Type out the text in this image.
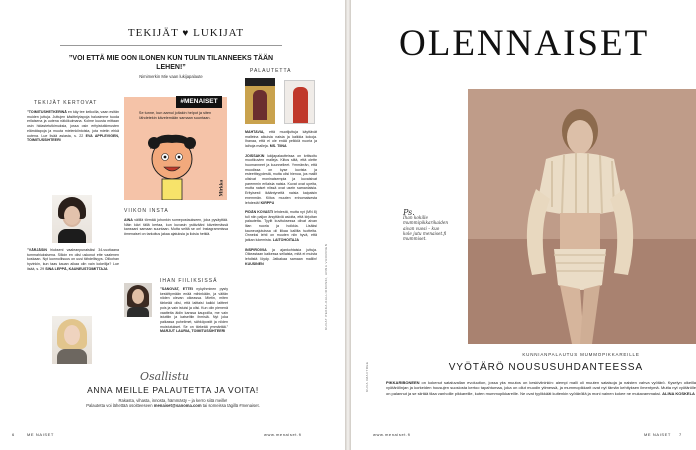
TEKIJÄT ♥ LUKIJAT
”VOI ETTÄ MIE OON ILONEN KUN TULIN TILANNEEKS TÄÄN LEHEN!”
Nimimerkin Mie vaan lukijapalaute
TEKIJÄT KERTOVAT
”TOIMITUSHETKERINÄ en käy tee keikoilla, vaan esitän muiden juttuja. Juttujen käsittelytapoja halusimme tuoda erilaisena ja uutena näkökulmana. Kolme kuusta mittaan osin hidastetutkimuksia, jossa osin erityistutkimusten elämätapoja ja muuta mielenkiintoista, jota mietin ehkä uutena. Lue lisää asiasta, s. 22 EVA APPLEVIGEN, TOIMITUSSIHTEERI
”VÄRJÄSIN hiukseni vaaleanpunaisiksi 34-vuotiaana tummahiuksisena. Silloin en olisi uskonut ette vaalenen koskaan. Nyt luonnollisuus on uusi tähdellisyys. Olikohan hyvinkin, kun taas kauan aikaa olin vain kokeilija? Lue lisää, s. 29 SINA LEPPÄ, KAUNEUSTOIMITTAJA
Mirkka
#MENAISET
Se tunne, kun aamul joltakin helpot ja siten lähdetekin kävelemään samaan suuntaan.
VIIKON INSTA
AINA välillä törmää johonkin somepostaukseen, joka pysäyttää. Näin kävi tällä kertaa, kun kuvasin ystävääni kävelemässä kanssani samaan suuntaan. Mutta selitä se on! Instagrammissa #menaiset on tarkoitus jakaa ajatuksia ja iloisia hetkiä.
IHAN FIILIKSISSÄ
”SANOVAT, ETTEI nykyihminen pysty keskittymään enää mihinkään, ja väitän niiden olevan oikeassa. Mietin, miten tärkeää olisi, että laittaisi kaikki laitteet pois ja vain istuisi ja olisi. Kun olin pienenä vaatteita äidin kanssa kaupoilla, me vain istuttiin ja katseltiin ihmisiä. Nyt joka paikassa puhelimet, sähköpostit ja niiden muistutukset. Se on tärkeää ymmärtää.” MARJUT LAURIA, TOIMITUSSIHTEERI
PALAUTETTA
MAHTAVIA, että muotijuttuja käyttävät malleina aikuisia naisia ja kaikkia kokoja. Ihanaa, että ei ole enää pelkkiä nuoria ja laihoja malleja. MS. TIINA

JOISSAKIN lukijapalautteissa on kritisoitu muotikuvien malleja. Kiitos siitä, että olette huomanneet ja kuunnelleet. Ymmärrän, että muodissa on kyse kuvista ja esteettisyydestä, mutta olisi hienoa, jos mallit olisivat moninaisempia ja kuvaisivat paremmin erilaisia naisia. Kuvat ovat upeita, mutta naiset niissä ovat usein samanlaisia. Erityisesti ikääntyneitä naisia kaipaisin enemmän. Kiitos muuten erinomaisesta lehdestä! KIRPPU

PIDÄN KOVASTI lehdestä, mutta nyt (MN 8) tuli niin paljon ärsyttäviä asioita, että kirjoitan palautetta. Tyylit kuvituksessa olivat aivan liian nuoria ja hoikkia. Lisäksi kauneusjutuissa oli liikaa kalliita tuotteita. Onneksi lehti on muuten niin hyvä, että jatkan lukemista. LAITOHOITAJA

INSPIROIVIA ja ajankohtaisia juttuja. Oikeastaan kaikessa sellaista, mitä ei muista lehdistä löydy. Jatkakaa samaan malliin! KUUSINEN	KUVAT PEKKA-KALLIOKOSKI, ANNA VUORINEN
Osallistu
ANNA MEILLE PALAUTETTA JA VOITA!
Rakasta, vihasta, innosta, hämmästy – ja kerro siitä meille!
Palautetta voi lähettää osoitteeseen menaiset@sanoma.com tai someissa tägillä #menaiset.
6	ME NAISET	www.menaiset.fi
OLENNAISET
Ps.
Ihan kokille mummipikkarikaiden aivan vuosi – kuo kole jutu menaiset.fi mummiset.
KUVA IMAXTREE
KUNNIANPALAUTUS MUMMOPIKKAREILLE
VYÖTÄRÖ NOUSUSUHDANTEESSA
PIKKARIBONEEN on kokenut sataluvallan evoluution, jossa yks muutos on keskiviininkin: aiempi malli oli muuten sataisoja ja naisten vahva vyötärö. Kyselyn oikeilla vyötärölinjan ja korkeiden housujen suosiosta kertoo tapahtumaa, joka on ollut muodin ytimessä, ja mummopikkarit ovat nyt tämän kehityksen ilmentymä. Mutta nyt vyötärölle on palannut ja se siirtää tilaa vanhoille pikkareille, kuten mummopikkareille. Ne ovat tyylikkäät kuitenkin vyötäröllä ja moni nainen kokee ne mukavammaksi. ALINA KOSKELA
www.menaiset.fi	ME NAISET 7
